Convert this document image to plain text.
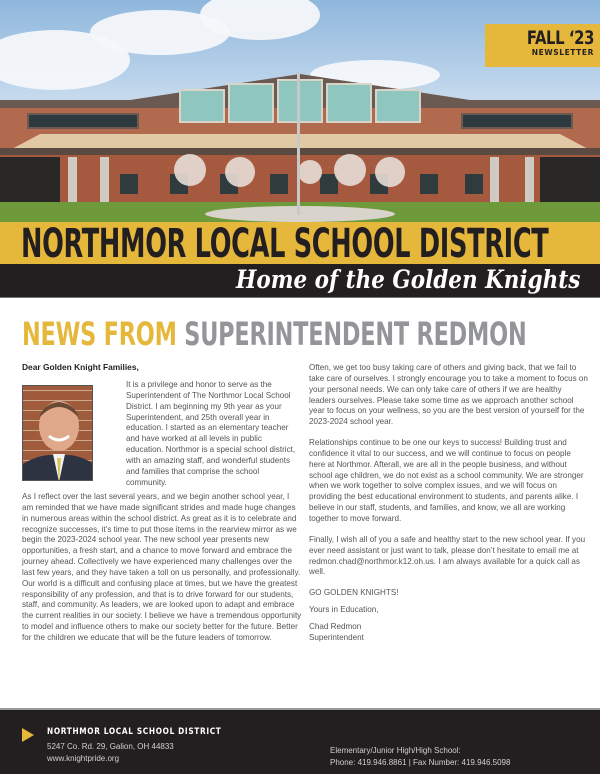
FALL ‘23
NEWSLETTER
NORTHMOR LOCAL SCHOOL DISTRICT
Home of the Golden Knights
NEWS FROM SUPERINTENDENT REDMON
Dear Golden Knight Families,

It is a privilege and honor to serve as the Superintendent of The Northmor Local School District. I am beginning my 9th year as your Superintendent, and 25th overall year in education. I started as an elementary teacher and have worked at all levels in public education. Northmor is a special school district, with an amazing staff, and wonderful students and families that comprise the school community.

As I reflect over the last several years, and we begin another school year, I am reminded that we have made significant strides and made huge changes in numerous areas within the school district. As great as it is to celebrate and recognize successes, it’s time to put those items in the rearview mirror as we begin the 2023-2024 school year. The new school year presents new opportunities, a fresh start, and a chance to move forward and embrace the journey ahead. Collectively we have experienced many challenges over the last few years, and they have taken a toll on us personally, and professionally. Our world is a difficult and confusing place at times, but we have the greatest responsibility of any profession, and that is to drive forward for our students, staff, and community. As leaders, we are looked upon to adapt and embrace the current realities in our society. I believe we have a tremendous opportunity to model and influence others to make our society better for the future. Better for the children we educate that will be the future leaders of tomorrow.

Often, we get too busy taking care of others and giving back, that we fail to take care of ourselves. I strongly encourage you to take a moment to focus on your personal needs. We can only take care of others if we are healthy leaders ourselves. Please take some time as we approach another school year to focus on your wellness, so you are the best version of yourself for the 2023-2024 school year.

Relationships continue to be one our keys to success! Building trust and confidence it vital to our success, and we will continue to focus on people here at Northmor. Afterall, we are all in the people business, and without school age children, we do not exist as a school community. We are stronger when we work together to solve complex issues, and we will focus on providing the best educational environment to students, and parents alike. I believe in our staff, students, and families, and know, we all are working together to move forward.

Finally, I wish all of you a safe and healthy start to the new school year. If you ever need assistant or just want to talk, please don’t hesitate to email me at redmon.chad@northmor.k12.oh.us. I am always available for a quick call as well.

GO GOLDEN KNIGHTS!

Yours in Education,

Chad Redmon
Superintendent
NORTHMOR LOCAL SCHOOL DISTRICT
5247 Co. Rd. 29, Galion, OH 44833
www.knightpride.org
Elementary/Junior High/High School:
Phone: 419.946.8861 | Fax Number: 419.946.5098
